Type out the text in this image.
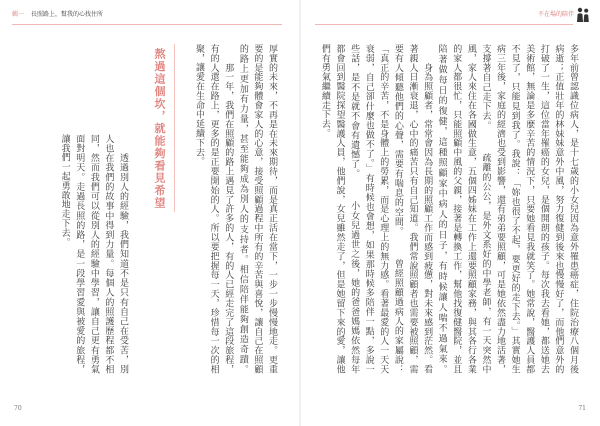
輯一 長照路上，幫我的心找住所
厚實的未來，不再是在未來期待，而是真正活在當下，一步一步慢慢地走。更重要的是能夠體會家人的心意，接受照顧過程中所有的辛苦與喜悅，讓自己在照顧的路上更加有力量，甚至能夠成為別人的支持者。相信陪伴能夠創造奇蹟。 　　那一年，我們在照顧的路上遇見了許多的人，有的人已經走完了這段旅程，有的人還在路上，更多的是正要開始的人。所以要把握每一天，珍惜每一次的相聚，讓愛在生命中延續下去。
熬過這個坎，就能夠看見希望
　　透過別人的經驗，我們知道不是只有自己在受苦，別人也在我們的故事中得到力量。每個人的照護歷程都不相同，然而我們可以從別人的經驗中學習，讓自己更有勇氣面對明天。走過長照的路，是一段學習愛與被愛的旅程，讓我們一起勇敢地走下去。
70
不在場的陪伴
多年前曾認識位病人，是十七歲的小女兒因為意外罹患癌症，住院治療八個月後病逝；正值壯年的林妹妹意外中風，努力復健到後來也慢慢好了，而他們意外的打破了一生，這位當年罹癌的女兒，是個開朗的孩子。每次我去看她，都送她去美術館，無論是多麼辛苦的情況下，只要她看見我就笑了。她常說，醫護人員都不見了，只能見到我了。我說：「妳也很了不起，要更好的走下去。」其實她生病三年後，家庭的經濟也受到影響，還有弟弟要照顧，可是她依然盡力地活著，支撐著自己走下去。 　　疏離的公公，是外文系好的中學老師，有一天突然中風，家人來住在各國做生意，五個四姊妹在工作上還要照顧家務，與其各行各業的家人都很忙，只能照顧中風的父親，接著是轉換工作，幫他找復健醫院，並且陪著做每日的復健，這種照顧家中病人的日子，有時候讓人喘不過氣來。 　　身為照顧者，常常會因為長期的照顧工作而感到疲憊，對未來感到茫然。看著親人日漸衰退，心中的痛苦只有自己知道。我們常說照顧者也需要被照顧，需要有人傾聽他們的心聲，需要有喘息的空間。 　　曾經照顧過病人的家屬說：「真正的辛苦，不是身體上的勞累，而是心理上的無力感。看著最愛的人一天天衰弱，自己卻什麼也做不了。」有時候也會想，如果那時候多陪伴一點，多說一些話，是不是就不會有遺憾了。 　　小女兒過世之後，她的爸爸媽媽依然每年都會回到醫院探望醫護人員，他們說，女兒雖然走了，但是她留下來的愛，讓他們有勇氣繼續走下去。
71
